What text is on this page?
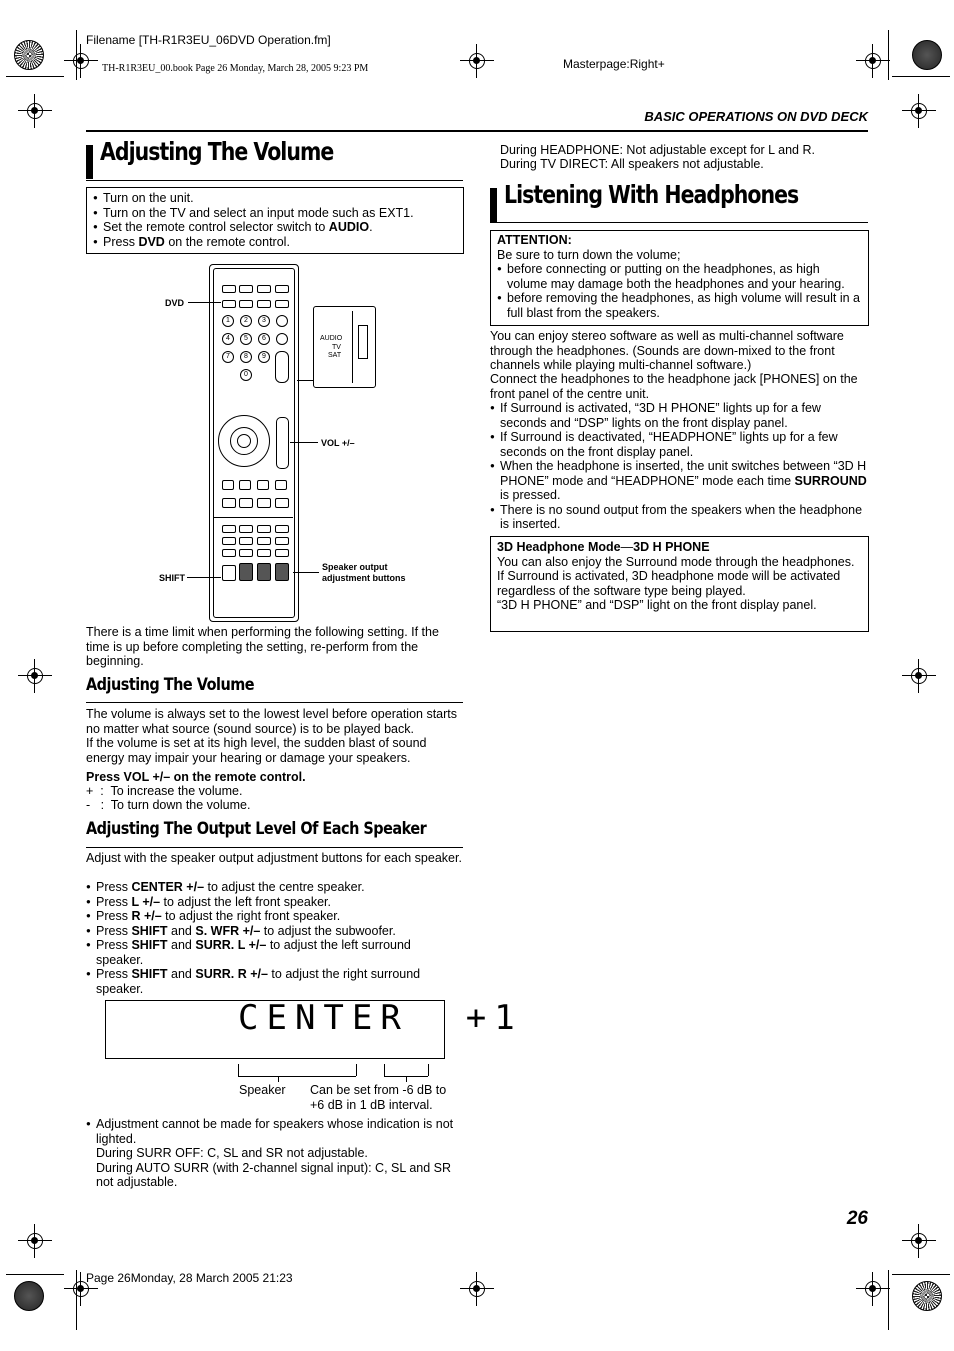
Filename [TH-R1R3EU_06DVD Operation.fm]
TH-R1R3EU_00.book Page 26 Monday, March 28, 2005 9:23 PM	Masterpage:Right+
BASIC OPERATIONS ON DVD DECK
Adjusting The Volume
● Turn on the unit.
● Turn on the TV and select an input mode such as EXT1.
● Set the remote control selector switch to AUDIO.
● Press DVD on the remote control.
1	2	3
4	5	6
7	8	9
0
AUDIO
TV
SAT
DVD
VOL +/–
SHIFT
Speaker output adjustment buttons
There is a time limit when performing the following setting. If the time is up before completing the setting, re-perform from the beginning.
Adjusting The Volume
The volume is always set to the lowest level before operation starts no matter what source (sound source) is to be played back.
If the volume is set at its high level, the sudden blast of sound energy may impair your hearing or damage your speakers.
Press VOL +/– on the remote control.
+  :  To increase the volume.
-   :  To turn down the volume.
Adjusting The Output Level Of Each Speaker
Adjust with the speaker output adjustment buttons for each speaker.
● Press CENTER +/– to adjust the centre speaker.
● Press L +/– to adjust the left front speaker.
● Press R +/– to adjust the right front speaker.
● Press SHIFT and S. WFR +/– to adjust the subwoofer.
● Press SHIFT and SURR. L +/– to adjust the left surround speaker.
● Press SHIFT and SURR. R +/– to adjust the right surround speaker.
CENTER  +1
Speaker Can be set from -6 dB to +6 dB in 1 dB interval.
● Adjustment cannot be made for speakers whose indication is not lighted.
During SURR OFF: C, SL and SR not adjustable.
During AUTO SURR (with 2-channel signal input): C, SL and SR not adjustable.
During HEADPHONE: Not adjustable except for L and R.
During TV DIRECT: All speakers not adjustable.
Listening With Headphones
ATTENTION:
Be sure to turn down the volume;
● before connecting or putting on the headphones, as high volume may damage both the headphones and your hearing.
● before removing the headphones, as high volume will result in a full blast from the speakers.
You can enjoy stereo software as well as multi-channel software through the headphones. (Sounds are down-mixed to the front channels while playing multi-channel software.)
Connect the headphones to the headphone jack [PHONES] on the front panel of the centre unit.
● If Surround is activated, “3D H PHONE” lights up for a few seconds and “DSP” lights on the front display panel.
● If Surround is deactivated, “HEADPHONE” lights up for a few seconds on the front display panel.
● When the headphone is inserted, the unit switches between “3D H PHONE” mode and “HEADPHONE” mode each time SURROUND is pressed.
● There is no sound output from the speakers when the headphone is inserted.
3D Headphone Mode—3D H PHONE
You can also enjoy the Surround mode through the headphones.
If Surround is activated, 3D headphone mode will be activated regardless of the software type being played.
“3D H PHONE” and “DSP” light on the front display panel.
26
Page 26Monday, 28 March 2005 21:23
